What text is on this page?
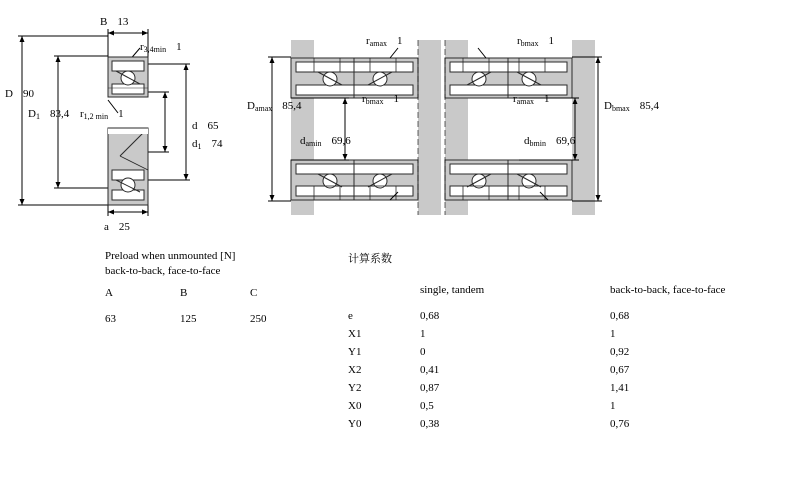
B 13
$r_{3,4min}$ 1
$r_{1,2 min}$ 1
D 90
$D_1$ 83,4
d 65
$d_1$ 74
a 25
$r_{amax}$ 1	$r_{bmax}$ 1
$r_{bmax}$ 1	$r_{amax}$ 1
$D_{amax}$ 85,4
$d_{amin}$ 69,6
$D_{bmax}$ 85,4
$d_{bmin}$ 69,6
Preload when unmounted [N]
back-to-back, face-to-face
A	B	C
63	125	250
计算系数
	single, tandem	back-to-back, face-to-face
e	0,68	0,68
X1	1	1
Y1	0	0,92
X2	0,41	0,67
Y2	0,87	1,41
X0	0,5	1
Y0	0,38	0,76
